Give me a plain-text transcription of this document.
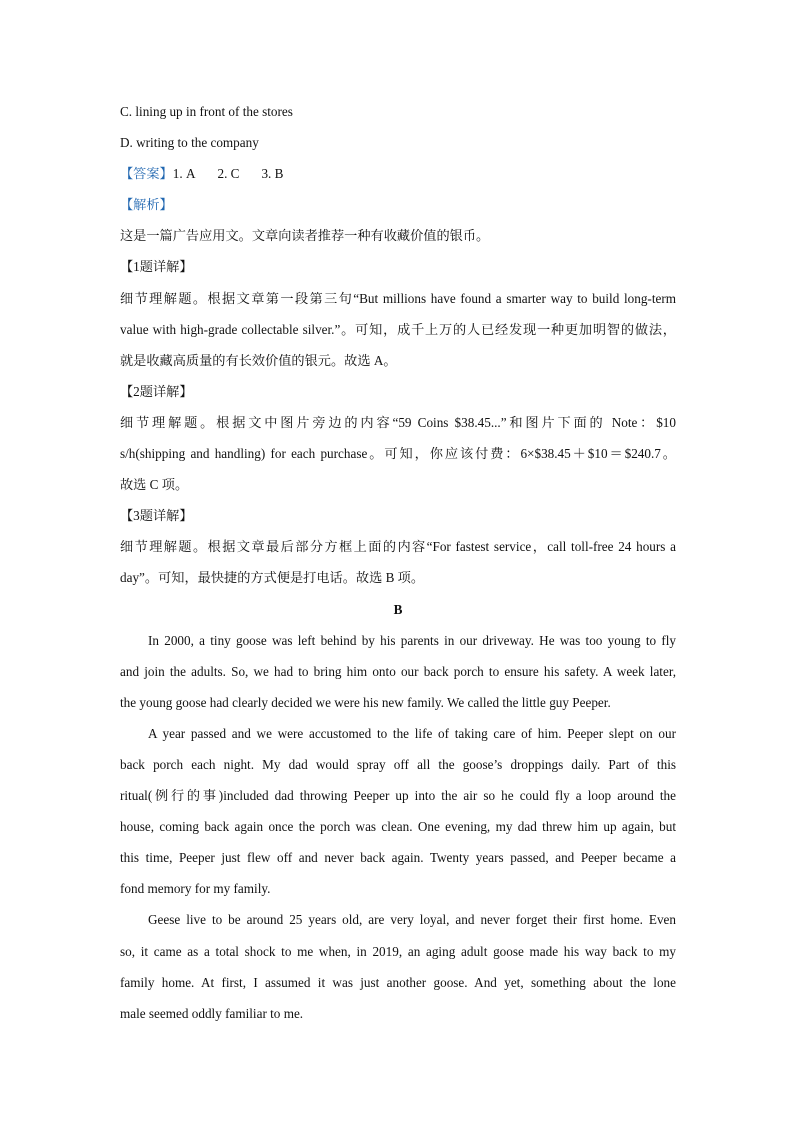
C. lining up in front of the stores
D. writing to the company
【答案】1. A 2. C 3. B
【解析】
这是一篇广告应用文。文章向读者推荐一种有收藏价值的银币。
【1题详解】
细节理解题。根据文章第一段第三句“But millions have found a smarter way to build long-term
value with high-grade collectable silver.”。可知，成千上万的人已经发现一种更加明智的做法，
就是收藏高质量的有长效价值的银元。故选 A。
【2题详解】
细节理解题。根据文中图片旁边的内容“59 Coins $38.45...”和图片下面的 Note：$10
s/h(shipping and handling) for each purchase。可知，你应该付费：6×$38.45＋$10＝$240.7。
故选 C 项。
【3题详解】
细节理解题。根据文章最后部分方框上面的内容“For fastest service，call toll-free 24 hours a
day”。可知，最快捷的方式便是打电话。故选 B 项。
B
In 2000, a tiny goose was left behind by his parents in our driveway. He was too young to fly
and join the adults. So, we had to bring him onto our back porch to ensure his safety. A week later,
the young goose had clearly decided we were his new family. We called the little guy Peeper.
A year passed and we were accustomed to the life of taking care of him. Peeper slept on our
back porch each night. My dad would spray off all the goose’s droppings daily. Part of this
ritual(例行的事)included dad throwing Peeper up into the air so he could fly a loop around the
house, coming back again once the porch was clean. One evening, my dad threw him up again, but
this time, Peeper just flew off and never back again. Twenty years passed, and Peeper became a
fond memory for my family.
Geese live to be around 25 years old, are very loyal, and never forget their first home. Even
so, it came as a total shock to me when, in 2019, an aging adult goose made his way back to my
family home. At first, I assumed it was just another goose. And yet, something about the lone
male seemed oddly familiar to me.
